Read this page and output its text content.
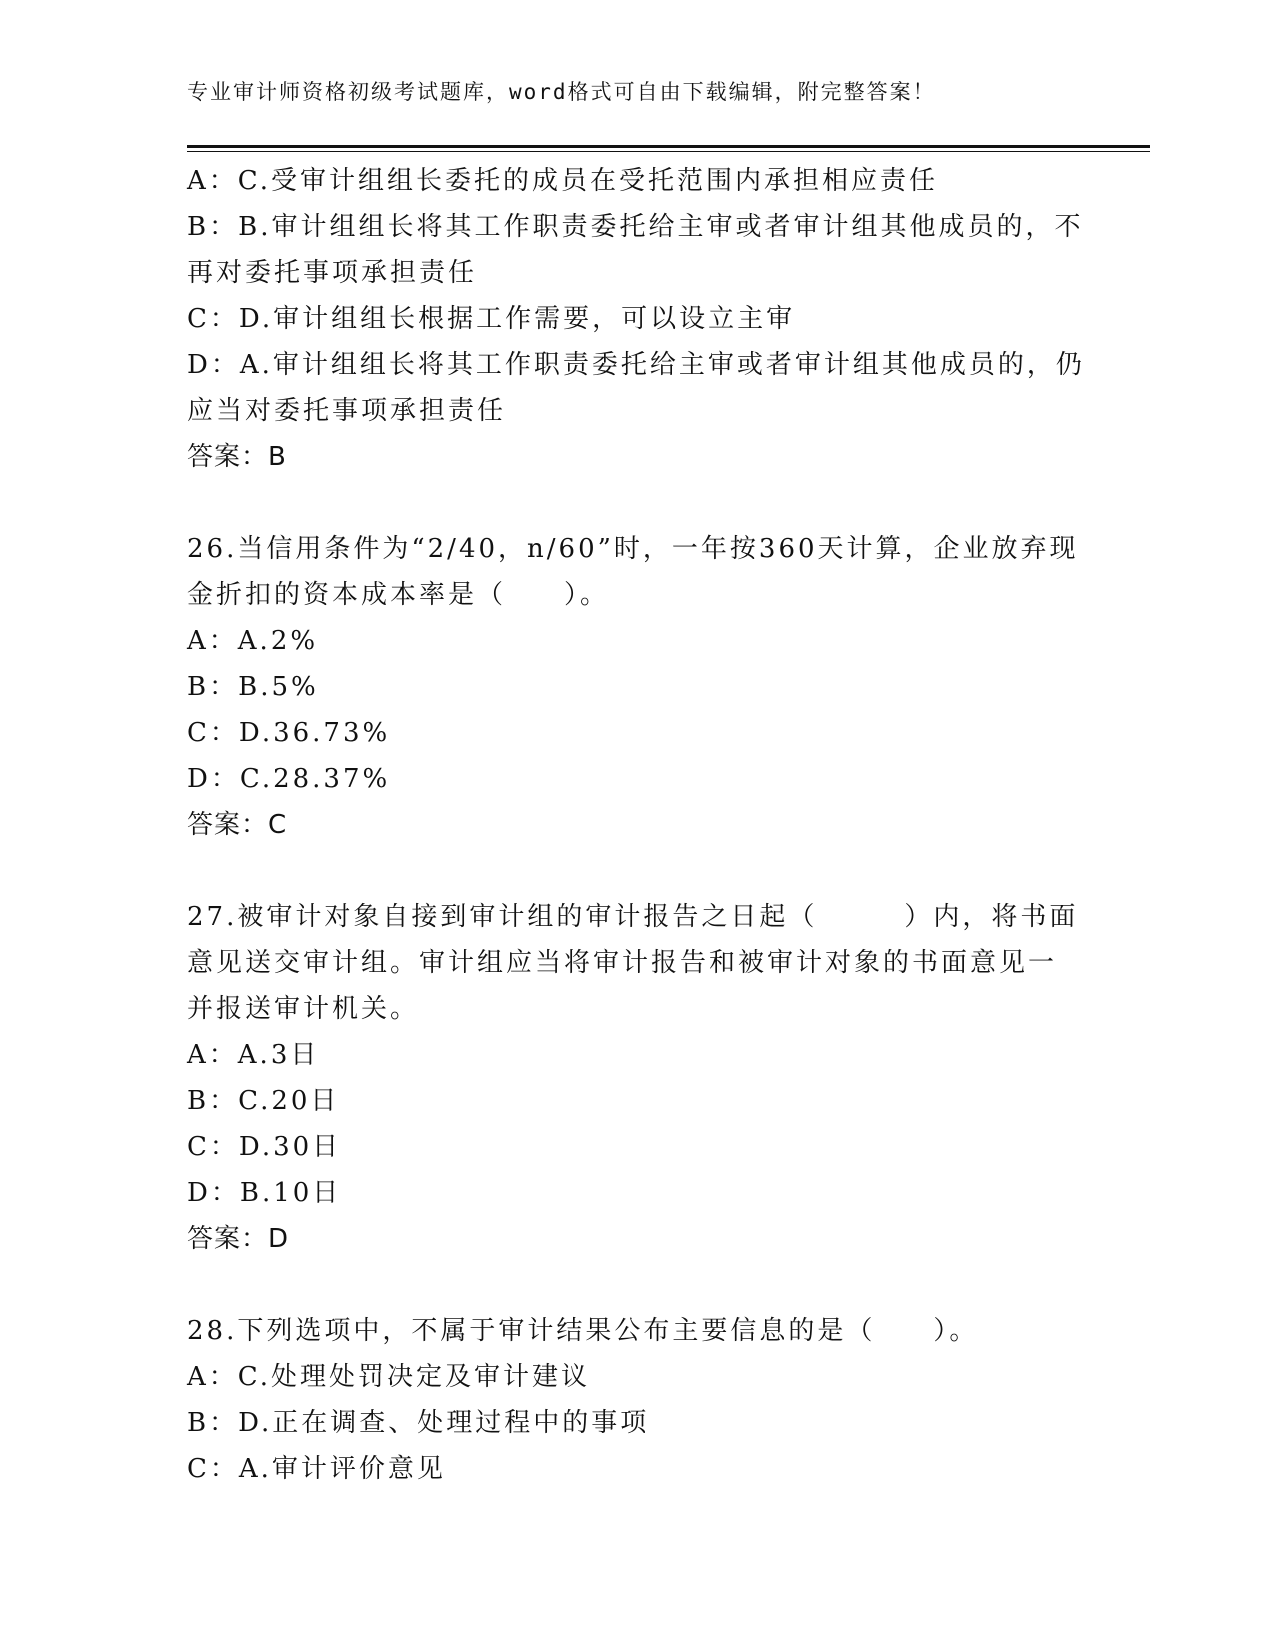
专业审计师资格初级考试题库，word格式可自由下载编辑，附完整答案！
A：C.受审计组组长委托的成员在受托范围内承担相应责任
B：B.审计组组长将其工作职责委托给主审或者审计组其他成员的，不
再对委托事项承担责任
C：D.审计组组长根据工作需要，可以设立主审
D：A.审计组组长将其工作职责委托给主审或者审计组其他成员的，仍
应当对委托事项承担责任
答案：B
26.当信用条件为“2/40，n/60”时，一年按360天计算，企业放弃现
金折扣的资本成本率是（　　）。
A：A.2%
B：B.5%
C：D.36.73%
D：C.28.37%
答案：C
27.被审计对象自接到审计组的审计报告之日起（　　　）内，将书面
意见送交审计组。审计组应当将审计报告和被审计对象的书面意见一
并报送审计机关。
A：A.3日
B：C.20日
C：D.30日
D：B.10日
答案：D
28.下列选项中，不属于审计结果公布主要信息的是（　　）。
A：C.处理处罚决定及审计建议
B：D.正在调查、处理过程中的事项
C：A.审计评价意见
